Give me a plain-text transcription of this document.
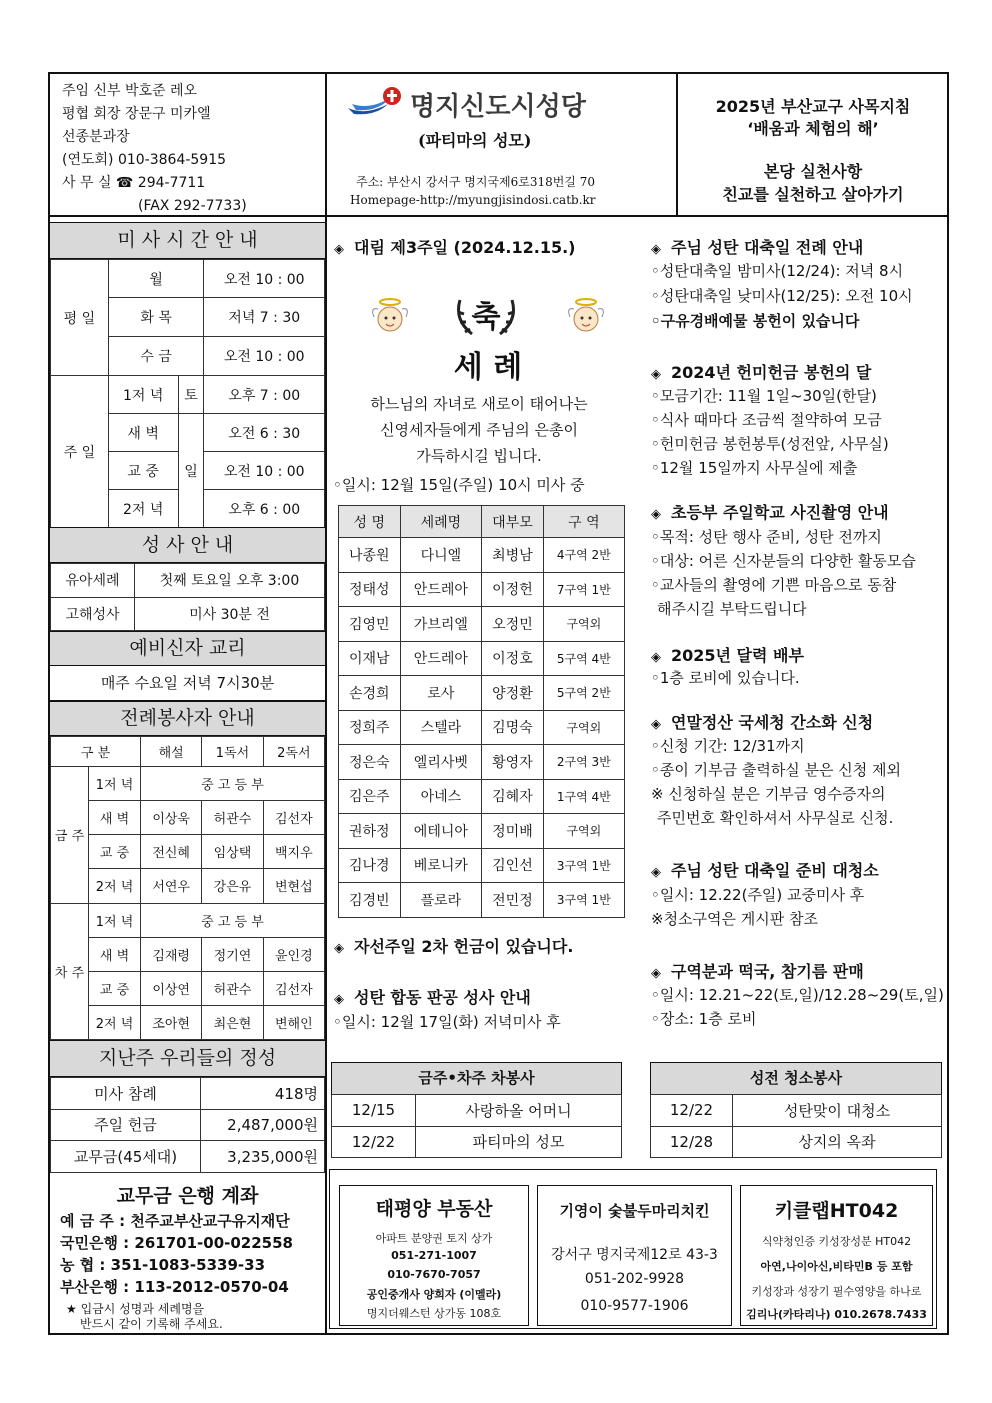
주임 신부 박호준 레오
평협 회장 장문구 미카엘
선종분과장
(연도회) 010-3864-5915
사 무 실 ☎ 294-7711
(FAX 292-7733)
명지신도시성당
(파티마의 성모)
주소: 부산시 강서구 명지국제6로318번길 70
Homepage-http://myungjisindosi.catb.kr
2025년 부산교구 사목지침
‘배움과 체험의 해’
본당 실천사항
친교를 실천하고 살아가기
미 사 시 간 안 내
평 일	월		오전 10 : 00
	화 목		저녁 7 : 30
	수 금		오전 10 : 00
주 일	1저 녁	토	오후 7 : 00
	새 벽	일	오전 6 : 30
	교 중		오전 10 : 00
	2저 녁		오후 6 : 00
성 사 안 내
유아세례	첫째 토요일 오후 3:00
고해성사	미사 30분 전
예비신자 교리
매주 수요일 저녁 7시30분
전례봉사자 안내
구 분		해설	1독서	2독서
금 주	1저 녁	중 고 등 부		
	새 벽	이상욱	허관수	김선자
	교 중	전신혜	임상택	백지우
	2저 녁	서연우	강은유	변현섭
차 주	1저 녁	중 고 등 부		
	새 벽	김재령	정기연	윤인경
	교 중	이상연	허관수	김선자
	2저 녁	조아현	최은현	변해인
지난주 우리들의 정성
미사 참례	418명
주일 헌금	2,487,000원
교무금(45세대)	3,235,000원
교무금 은행 계좌
예 금 주 : 천주교부산교구유지재단
국민은행 : 261701-00-022558
농 협 : 351-1083-5339-33
부산은행 : 113-2012-0570-04
★ 입금시 성명과 세례명을
반드시 같이 기록해 주세요.
◈ 대림 제3주일 (2024.12.15.)
축
세 례
하느님의 자녀로 새로이 태어나는
신영세자들에게 주님의 은총이
가득하시길 빕니다.
◦일시: 12월 15일(주일) 10시 미사 중
성 명	세례명	대부모	구 역
나종원	다니엘	최병남	4구역 2반
정태성	안드레아	이정헌	7구역 1반
김영민	가브리엘	오정민	구역외
이재남	안드레아	이정호	5구역 4반
손경희	로사	양정환	5구역 2반
정희주	스텔라	김명숙	구역외
정은숙	엘리사벳	황영자	2구역 3반
김은주	아네스	김혜자	1구역 4반
권하정	에테니아	정미배	구역외
김나경	베로니카	김인선	3구역 1반
김경빈	플로라	전민정	3구역 1반
◈ 자선주일 2차 헌금이 있습니다.
◈ 성탄 합동 판공 성사 안내
◦일시: 12월 17일(화) 저녁미사 후
◈ 주님 성탄 대축일 전례 안내
◦성탄대축일 밤미사(12/24): 저녁 8시
◦성탄대축일 낮미사(12/25): 오전 10시
◦구유경배예물 봉헌이 있습니다
◈ 2024년 헌미헌금 봉헌의 달
◦모금기간: 11월 1일~30일(한달)
◦식사 때마다 조금씩 절약하여 모금
◦헌미헌금 봉헌봉투(성전앞, 사무실)
◦12월 15일까지 사무실에 제출
◈ 초등부 주일학교 사진촬영 안내
◦목적: 성탄 행사 준비, 성탄 전까지
◦대상: 어른 신자분들의 다양한 활동모습
◦교사들의 촬영에 기쁜 마음으로 동참
해주시길 부탁드립니다
◈ 2025년 달력 배부
◦1층 로비에 있습니다.
◈ 연말정산 국세청 간소화 신청
◦신청 기간: 12/31까지
◦종이 기부금 출력하실 분은 신청 제외
※ 신청하실 분은 기부금 영수증자의
주민번호 확인하셔서 사무실로 신청.
◈ 주님 성탄 대축일 준비 대청소
◦일시: 12.22(주일) 교중미사 후
※청소구역은 게시판 참조
◈ 구역분과 떡국, 참기름 판매
◦일시: 12.21~22(토,일)/12.28~29(토,일)
◦장소: 1층 로비
금주•차주 차봉사
12/15	사랑하올 어머니
12/22	파티마의 성모
성전 청소봉사
12/22	성탄맞이 대청소
12/28	상지의 옥좌
태평양 부동산
아파트 분양권 토지 상가
051-271-1007
010-7670-7057
공인중개사 양희자 (이멜라)
명지더웨스턴 상가동 108호
기영이 숯불두마리치킨
강서구 명지국제12로 43-3
051-202-9928
010-9577-1906
키클랩HT042
식약청인증 키성장성분 HT042
아연,나이아신,비타민B 등 포함
키성장과 성장기 필수영양을 하나로
김리나(카타리나) 010.2678.7433
